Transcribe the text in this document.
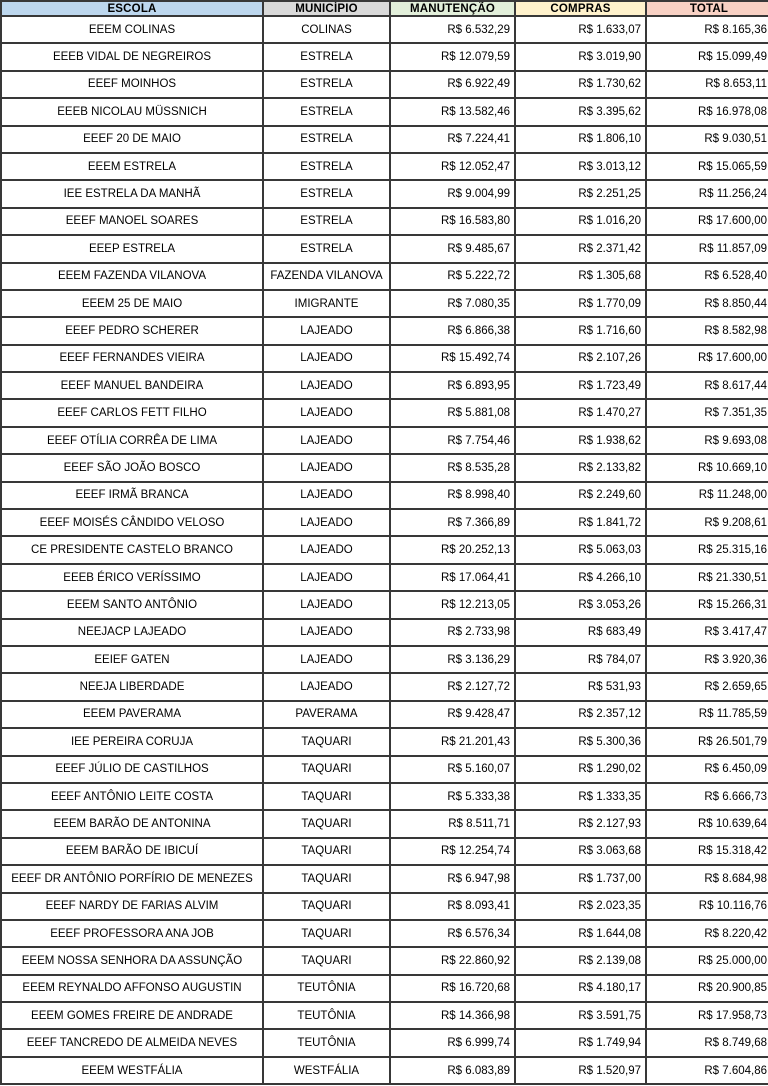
ESCOLA	MUNICÍPIO	MANUTENÇÃO	COMPRAS	TOTAL
EEEM COLINAS	COLINAS	R$ 6.532,29	R$ 1.633,07	R$ 8.165,36
EEEB VIDAL DE NEGREIROS	ESTRELA	R$ 12.079,59	R$ 3.019,90	R$ 15.099,49
EEEF MOINHOS	ESTRELA	R$ 6.922,49	R$ 1.730,62	R$ 8.653,11
EEEB NICOLAU MÜSSNICH	ESTRELA	R$ 13.582,46	R$ 3.395,62	R$ 16.978,08
EEEF 20 DE MAIO	ESTRELA	R$ 7.224,41	R$ 1.806,10	R$ 9.030,51
EEEM ESTRELA	ESTRELA	R$ 12.052,47	R$ 3.013,12	R$ 15.065,59
IEE ESTRELA DA MANHÃ	ESTRELA	R$ 9.004,99	R$ 2.251,25	R$ 11.256,24
EEEF MANOEL SOARES	ESTRELA	R$ 16.583,80	R$ 1.016,20	R$ 17.600,00
EEEP ESTRELA	ESTRELA	R$ 9.485,67	R$ 2.371,42	R$ 11.857,09
EEEM FAZENDA VILANOVA	FAZENDA VILANOVA	R$ 5.222,72	R$ 1.305,68	R$ 6.528,40
EEEM 25 DE MAIO	IMIGRANTE	R$ 7.080,35	R$ 1.770,09	R$ 8.850,44
EEEF PEDRO SCHERER	LAJEADO	R$ 6.866,38	R$ 1.716,60	R$ 8.582,98
EEEF FERNANDES VIEIRA	LAJEADO	R$ 15.492,74	R$ 2.107,26	R$ 17.600,00
EEEF MANUEL BANDEIRA	LAJEADO	R$ 6.893,95	R$ 1.723,49	R$ 8.617,44
EEEF CARLOS FETT FILHO	LAJEADO	R$ 5.881,08	R$ 1.470,27	R$ 7.351,35
EEEF OTÍLIA CORRÊA DE LIMA	LAJEADO	R$ 7.754,46	R$ 1.938,62	R$ 9.693,08
EEEF SÃO JOÃO BOSCO	LAJEADO	R$ 8.535,28	R$ 2.133,82	R$ 10.669,10
EEEF IRMÃ BRANCA	LAJEADO	R$ 8.998,40	R$ 2.249,60	R$ 11.248,00
EEEF MOISÉS CÂNDIDO VELOSO	LAJEADO	R$ 7.366,89	R$ 1.841,72	R$ 9.208,61
CE PRESIDENTE CASTELO BRANCO	LAJEADO	R$ 20.252,13	R$ 5.063,03	R$ 25.315,16
EEEB ÉRICO VERÍSSIMO	LAJEADO	R$ 17.064,41	R$ 4.266,10	R$ 21.330,51
EEEM SANTO ANTÔNIO	LAJEADO	R$ 12.213,05	R$ 3.053,26	R$ 15.266,31
NEEJACP LAJEADO	LAJEADO	R$ 2.733,98	R$ 683,49	R$ 3.417,47
EEIEF GATEN	LAJEADO	R$ 3.136,29	R$ 784,07	R$ 3.920,36
NEEJA LIBERDADE	LAJEADO	R$ 2.127,72	R$ 531,93	R$ 2.659,65
EEEM PAVERAMA	PAVERAMA	R$ 9.428,47	R$ 2.357,12	R$ 11.785,59
IEE PEREIRA CORUJA	TAQUARI	R$ 21.201,43	R$ 5.300,36	R$ 26.501,79
EEEF JÚLIO DE CASTILHOS	TAQUARI	R$ 5.160,07	R$ 1.290,02	R$ 6.450,09
EEEF ANTÔNIO LEITE COSTA	TAQUARI	R$ 5.333,38	R$ 1.333,35	R$ 6.666,73
EEEM BARÃO DE ANTONINA	TAQUARI	R$ 8.511,71	R$ 2.127,93	R$ 10.639,64
EEEM BARÃO DE IBICUÍ	TAQUARI	R$ 12.254,74	R$ 3.063,68	R$ 15.318,42
EEEF DR ANTÔNIO PORFÍRIO DE MENEZES	TAQUARI	R$ 6.947,98	R$ 1.737,00	R$ 8.684,98
EEEF NARDY DE FARIAS ALVIM	TAQUARI	R$ 8.093,41	R$ 2.023,35	R$ 10.116,76
EEEF PROFESSORA ANA JOB	TAQUARI	R$ 6.576,34	R$ 1.644,08	R$ 8.220,42
EEEM NOSSA SENHORA DA ASSUNÇÃO	TAQUARI	R$ 22.860,92	R$ 2.139,08	R$ 25.000,00
EEEM REYNALDO AFFONSO AUGUSTIN	TEUTÔNIA	R$ 16.720,68	R$ 4.180,17	R$ 20.900,85
EEEM GOMES FREIRE DE ANDRADE	TEUTÔNIA	R$ 14.366,98	R$ 3.591,75	R$ 17.958,73
EEEF TANCREDO DE ALMEIDA NEVES	TEUTÔNIA	R$ 6.999,74	R$ 1.749,94	R$ 8.749,68
EEEM WESTFÁLIA	WESTFÁLIA	R$ 6.083,89	R$ 1.520,97	R$ 7.604,86
